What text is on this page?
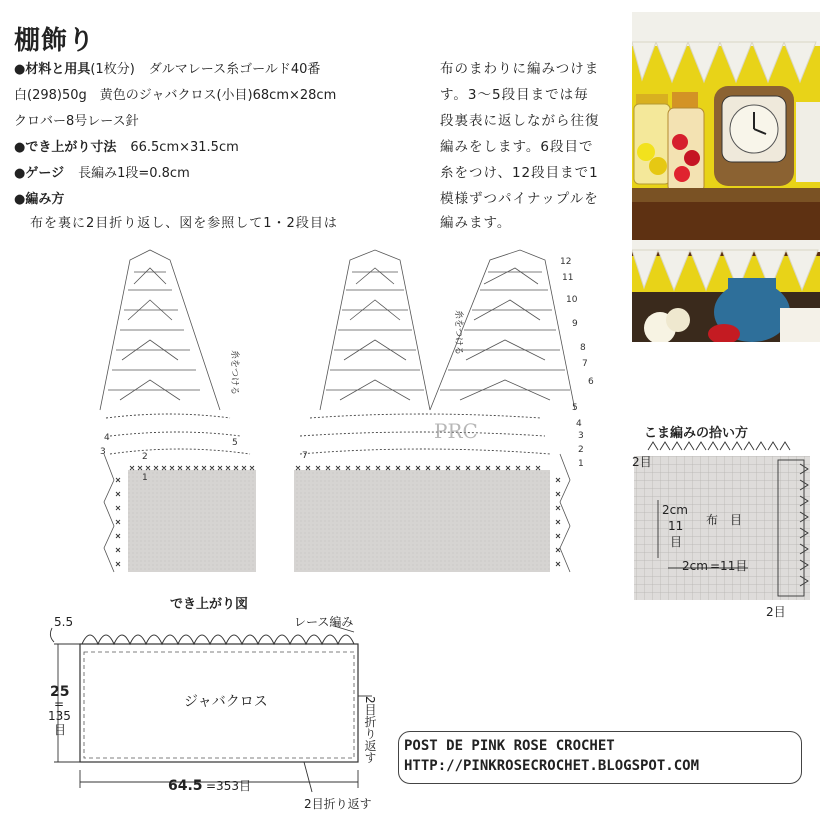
棚飾り
●材料と用具(1枚分) ダルマレース糸ゴールド40番
白(298)50g　黄色のジャバクロス(小目)68cm×28cm
クロバー8号レース針
●でき上がり寸法 66.5cm×31.5cm
●ゲージ 長編み1段=0.8cm
●編み方
布を裏に2目折り返し、図を参照して1・2段目は
布のまわりに編みつけま
す。3～5段目までは毎
段裏表に返しながら往復
編みをします。6段目で
糸をつけ、12段目まで1
模様ずつパイナップルを
編みます。
5
4
3	2
1
7
12
11
10
9
8
7
6
5
4
3
2
1
糸をつける
糸をつける
PRC	こま編みの拾い方
2目
2cm
11
目
布　目
2cm =11目
2目
でき上がり図
5.5	レース編み
25
=
135
目
ジャバクロス	2目折り返す
64.5 =353目
2目折り返す
POST DE PINK ROSE CROCHET
HTTP://PINKROSECROCHET.BLOGSPOT.COM
